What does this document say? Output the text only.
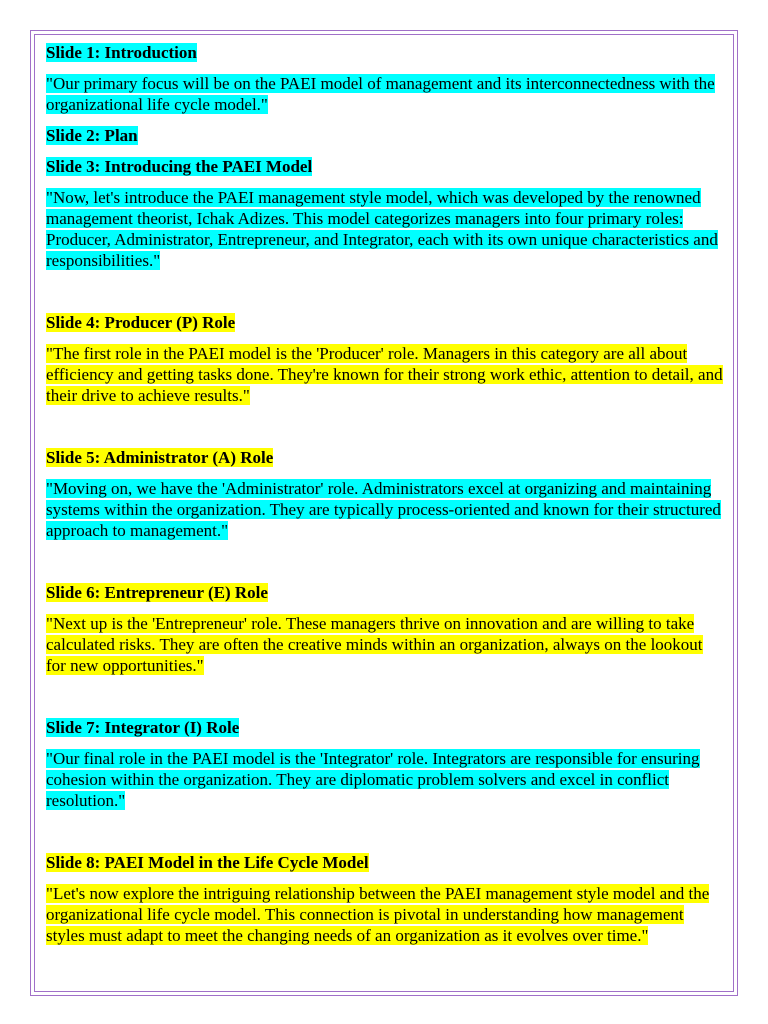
Slide 1: Introduction

"Our primary focus will be on the PAEI model of management and its interconnectedness with the organizational life cycle model."

Slide 2: Plan

Slide 3: Introducing the PAEI Model

"Now, let's introduce the PAEI management style model, which was developed by the renowned management theorist, Ichak Adizes. This model categorizes managers into four primary roles: Producer, Administrator, Entrepreneur, and Integrator, each with its own unique characteristics and responsibilities."

Slide 4: Producer (P) Role

"The first role in the PAEI model is the 'Producer' role. Managers in this category are all about efficiency and getting tasks done. They're known for their strong work ethic, attention to detail, and their drive to achieve results."

Slide 5: Administrator (A) Role

"Moving on, we have the 'Administrator' role. Administrators excel at organizing and maintaining systems within the organization. They are typically process-oriented and known for their structured approach to management."

Slide 6: Entrepreneur (E) Role

"Next up is the 'Entrepreneur' role. These managers thrive on innovation and are willing to take calculated risks. They are often the creative minds within an organization, always on the lookout for new opportunities."

Slide 7: Integrator (I) Role

"Our final role in the PAEI model is the 'Integrator' role. Integrators are responsible for ensuring cohesion within the organization. They are diplomatic problem solvers and excel in conflict resolution."

Slide 8: PAEI Model in the Life Cycle Model

"Let's now explore the intriguing relationship between the PAEI management style model and the organizational life cycle model. This connection is pivotal in understanding how management styles must adapt to meet the changing needs of an organization as it evolves over time."
